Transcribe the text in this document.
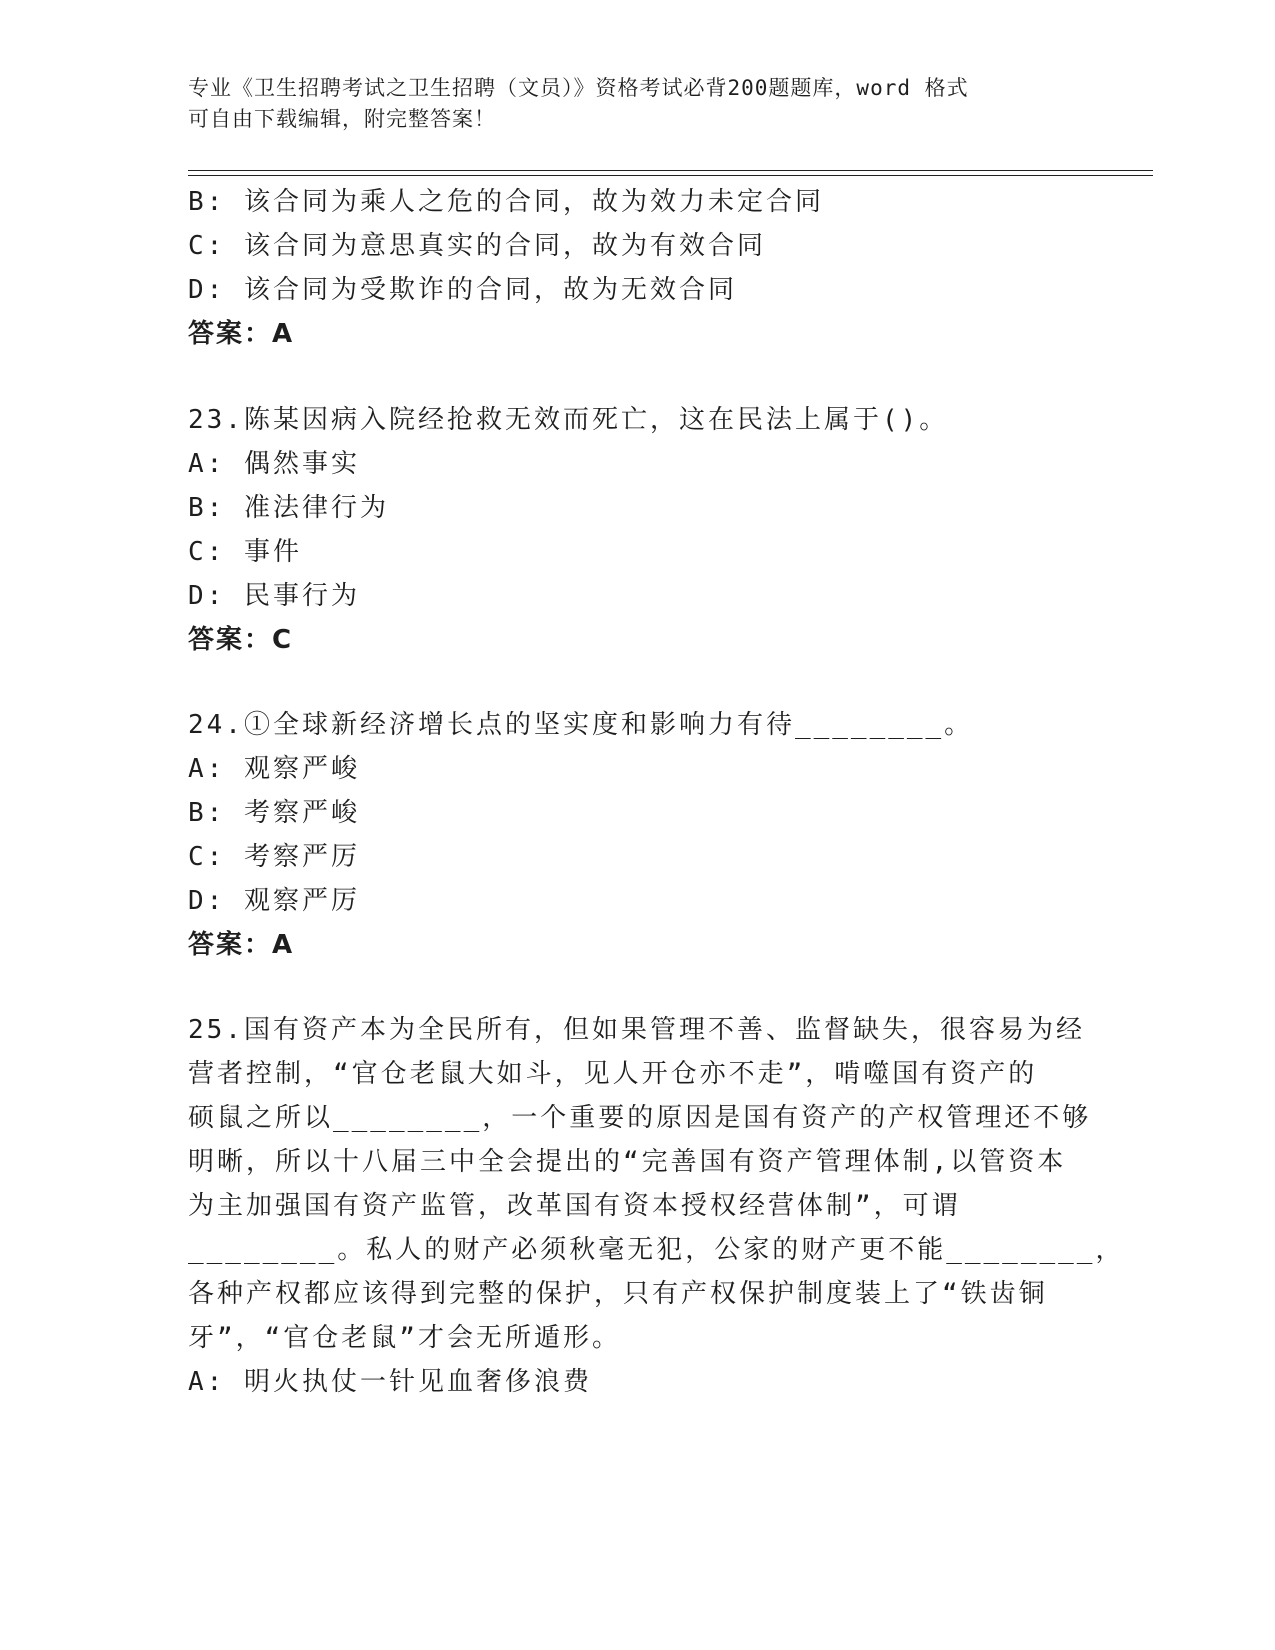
专业《卫生招聘考试之卫生招聘（文员）》资格考试必背200题题库，word 格式
可自由下载编辑，附完整答案！
B: 该合同为乘人之危的合同，故为效力未定合同
C: 该合同为意思真实的合同，故为有效合同
D: 该合同为受欺诈的合同，故为无效合同
答案：A
23.陈某因病入院经抢救无效而死亡，这在民法上属于()。
A: 偶然事实
B: 准法律行为
C: 事件
D: 民事行为
答案：C
24.①全球新经济增长点的坚实度和影响力有待________。
A: 观察严峻
B: 考察严峻
C: 考察严厉
D: 观察严厉
答案：A
25.国有资产本为全民所有，但如果管理不善、监督缺失，很容易为经
营者控制，“官仓老鼠大如斗，见人开仓亦不走”，啃噬国有资产的
硕鼠之所以________，一个重要的原因是国有资产的产权管理还不够
明晰，所以十八届三中全会提出的“完善国有资产管理体制,以管资本
为主加强国有资产监管，改革国有资本授权经营体制”，可谓
________。私人的财产必须秋毫无犯，公家的财产更不能________，
各种产权都应该得到完整的保护，只有产权保护制度装上了“铁齿铜
牙”，“官仓老鼠”才会无所遁形。
A: 明火执仗一针见血奢侈浪费
